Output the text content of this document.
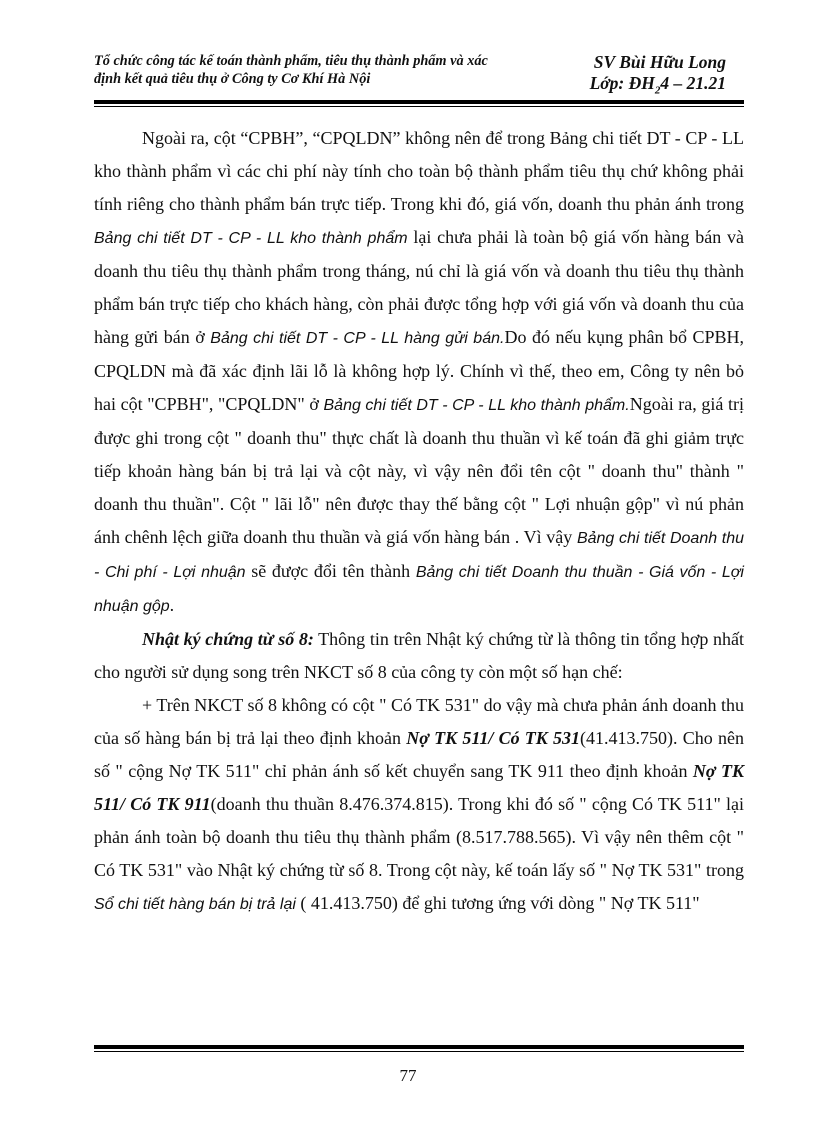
Tổ chức công tác kế toán thành phẩm, tiêu thụ thành phẩm và xác
định kết quả tiêu thụ ở Công ty Cơ Khí Hà Nội
SV Bùi Hữu Long
Lớp: $ĐH_24 - 21.21$

Ngoài ra, cột “CPBH”, “CPQLDN” không nên để trong Bảng chi tiết DT - CP - LL kho thành phẩm vì các chi phí này tính cho toàn bộ thành phẩm tiêu thụ chứ không phải tính riêng cho thành phẩm bán trực tiếp. Trong khi đó, giá vốn, doanh thu phản ánh trong Bảng chi tiết DT - CP - LL kho thành phẩm lại chưa phải là toàn bộ giá vốn hàng bán và doanh thu tiêu thụ thành phẩm trong tháng, nú chỉ là giá vốn và doanh thu tiêu thụ thành phẩm bán trực tiếp cho khách hàng, còn phải được tổng hợp với giá vốn và doanh thu của hàng gửi bán ở Bảng chi tiết DT - CP - LL hàng gửi bán.Do đó nếu kụng phân bổ CPBH, CPQLDN mà đã xác định lãi lỗ là không hợp lý. Chính vì thế, theo em, Công ty nên bỏ hai cột "CPBH", "CPQLDN" ở Bảng chi tiết DT - CP - LL kho thành phẩm.Ngoài ra, giá trị được ghi trong cột " doanh thu" thực chất là doanh thu thuần vì kế toán đã ghi giảm trực tiếp khoản hàng bán bị trả lại và cột này, vì vậy nên đổi tên cột " doanh thu" thành " doanh thu thuần". Cột " lãi lỗ" nên được thay thế bằng cột " Lợi nhuận gộp" vì nú phản ánh chênh lệch giữa doanh thu thuần và giá vốn hàng bán . Vì vậy Bảng chi tiết Doanh thu - Chi phí - Lợi nhuận sẽ được đổi tên thành Bảng chi tiết Doanh thu thuần - Giá vốn - Lợi nhuận gộp.

Nhật ký chứng từ số 8: Thông tin trên Nhật ký chứng từ là thông tin tổng hợp nhất cho người sử dụng song trên NKCT số 8 của công ty còn một số hạn chế:

+ Trên NKCT số 8 không có cột " Có TK 531" do vậy mà chưa phản ánh doanh thu của số hàng bán bị trả lại theo định khoản Nợ TK 511/ Có TK 531(41.413.750). Cho nên số " cộng Nợ TK 511" chỉ phản ánh số kết chuyển sang TK 911 theo định khoản Nợ TK 511/ Có TK 911(doanh thu thuần 8.476.374.815). Trong khi đó số " cộng Có TK 511" lại phản ánh toàn bộ doanh thu tiêu thụ thành phẩm (8.517.788.565). Vì vậy nên thêm cột " Có TK 531" vào Nhật ký chứng từ số 8. Trong cột này, kế toán lấy số " Nợ TK 531" trong Sổ chi tiết hàng bán bị trả lại ( 41.413.750) để ghi tương ứng với dòng " Nợ TK 511"

77
